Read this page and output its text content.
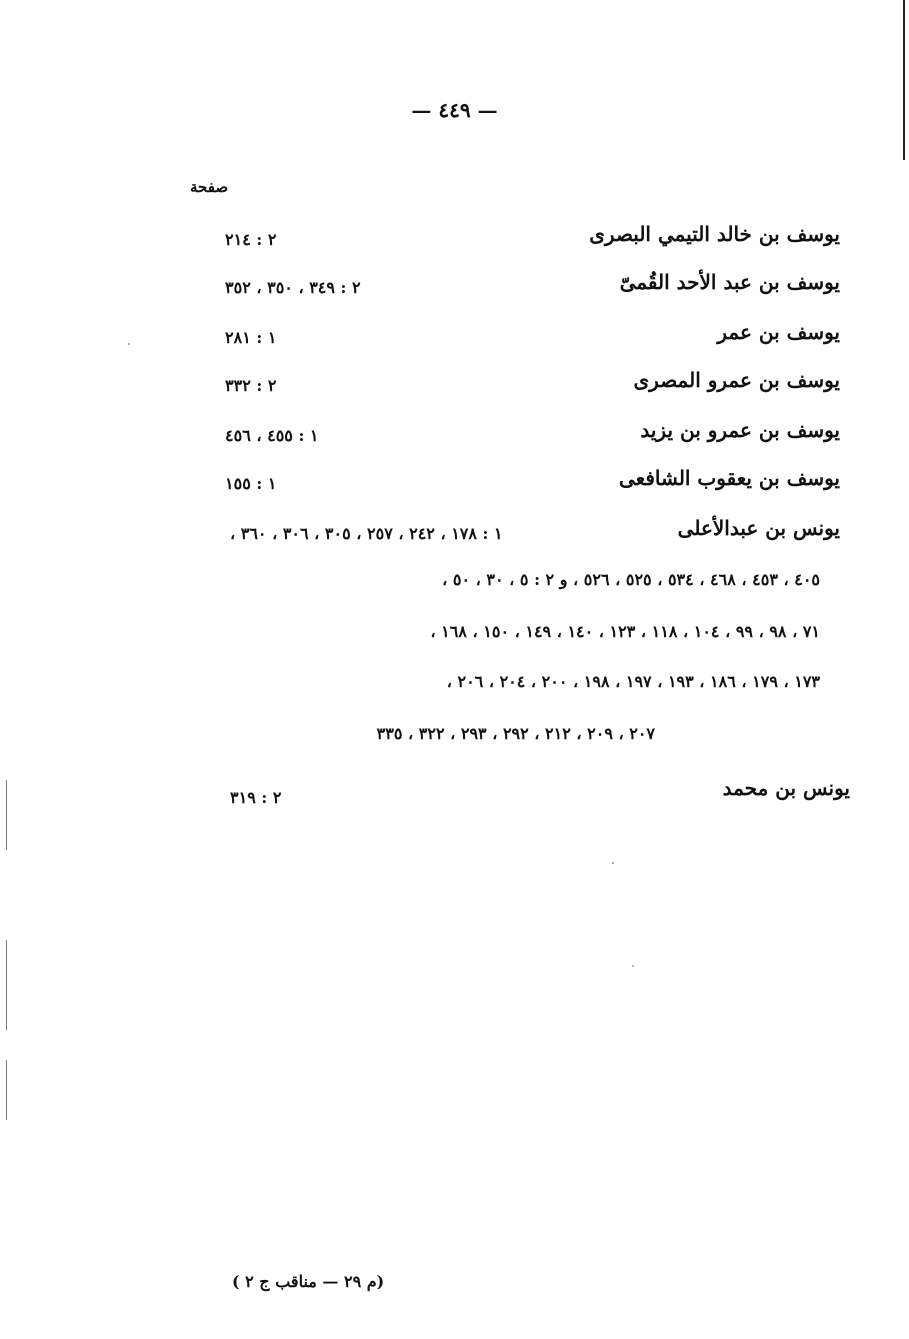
— ٤٤٩ —
صفحة
يوسف بن خالد التيمي البصرى
٢ : ٢١٤
يوسف بن عبد الأحد القُمىّ
٢ : ٣٤٩ ، ٣٥٠ ، ٣٥٢
يوسف بن عمر
١ : ٢٨١
يوسف بن عمرو المصرى
٢ : ٣٣٢
يوسف بن عمرو بن يزيد
١ : ٤٥٥ ، ٤٥٦
يوسف بن يعقوب الشافعى
١ : ١٥٥
يونس بن عبدالأعلى
١ : ١٧٨ ، ٢٤٢ ، ٢٥٧ ، ٣٠٥ ، ٣٠٦ ، ٣٦٠ ،
٤٠٥ ، ٤٥٣ ، ٤٦٨ ، ٥٣٤ ، ٥٢٥ ، ٥٢٦ ، و ٢ : ٥ ، ٣٠ ، ٥٠ ،
٧١ ، ٩٨ ، ٩٩ ، ١٠٤ ، ١١٨ ، ١٢٣ ، ١٤٠ ، ١٤٩ ، ١٥٠ ، ١٦٨ ،
١٧٣ ، ١٧٩ ، ١٨٦ ، ١٩٣ ، ١٩٧ ، ١٩٨ ، ٢٠٠ ، ٢٠٤ ، ٢٠٦ ،
٢٠٧ ، ٢٠٩ ، ٢١٢ ، ٢٩٢ ، ٢٩٣ ، ٣٢٢ ، ٣٣٥
يونس بن محمد
٢ : ٣١٩
(م ٢٩ — مناقب ج ٢ )
